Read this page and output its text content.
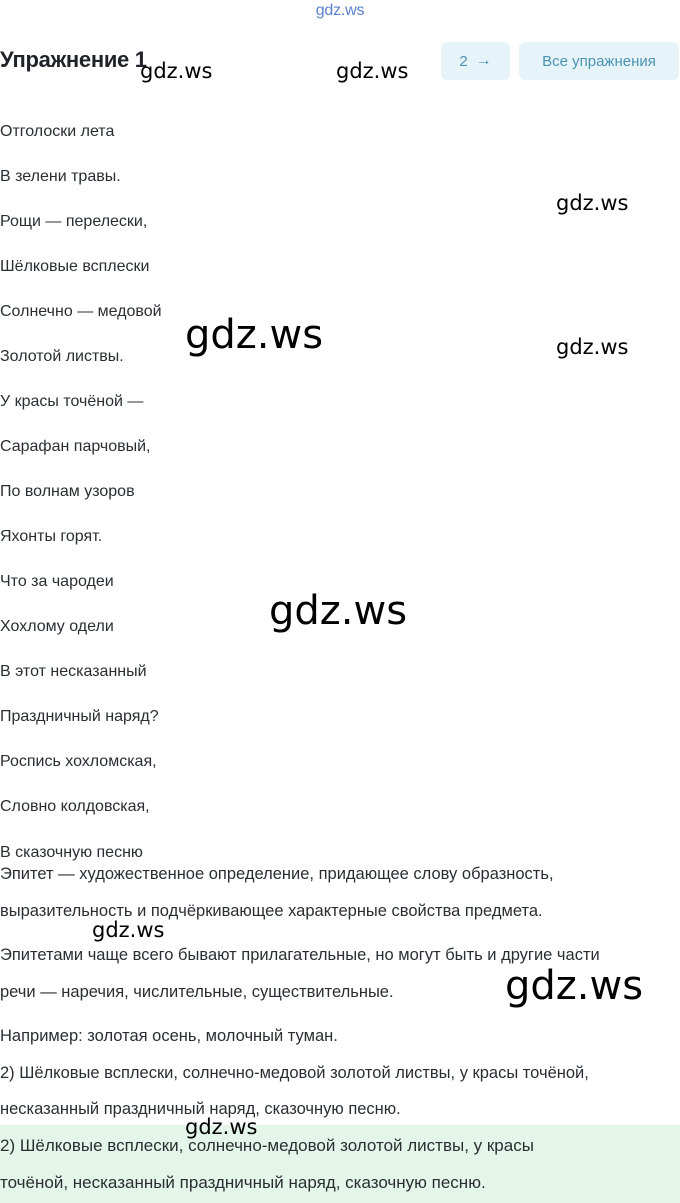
gdz.ws
Упражнение 1	2 →	Все упражнения
Отголоски лета
В зелени травы.
Рощи — перелески,
Шёлковые всплески
Солнечно — медовой
Золотой листвы.
У красы точёной —
Сарафан парчовый,
По волнам узоров
Яхонты горят.
Что за чародеи
Хохлому одели
В этот несказанный
Праздничный наряд?
Роспись хохломская,
Словно колдовская,
В сказочную песню
Эпитет — художественное определение, придающее слову образность,
выразительность и подчёркивающее характерные свойства предмета.
Эпитетами чаще всего бывают прилагательные, но могут быть и другие части
речи — наречия, числительные, существительные.
Например: золотая осень, молочный туман.
2) Шёлковые всплески, солнечно-медовой золотой листвы, у красы точёной,
несказанный праздничный наряд, сказочную песню.
2) Шёлковые всплески, солнечно-медовой золотой листвы, у красы
точёной, несказанный праздничный наряд, сказочную песню.
gdz.ws	gdz.ws
gdz.ws
gdz.ws	gdz.ws
gdz.ws
gdz.ws
gdz.ws
gdz.ws
